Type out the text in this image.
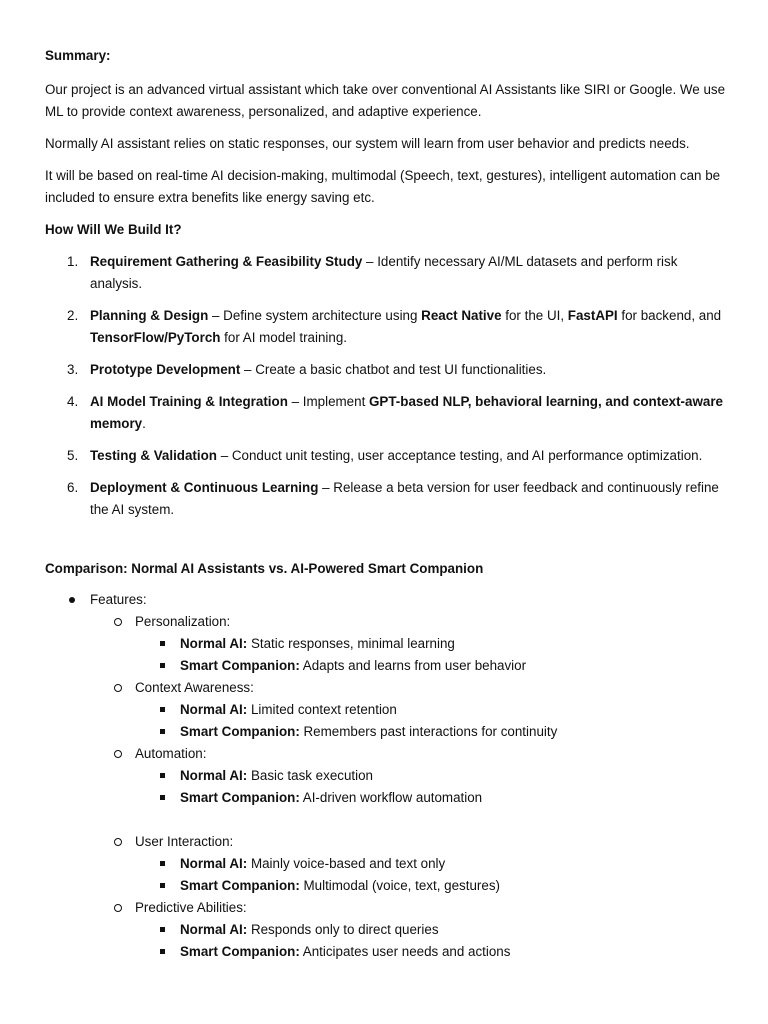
Summary:

Our project is an advanced virtual assistant which take over conventional AI Assistants like SIRI or Google. We use ML to provide context awareness, personalized, and adaptive experience.

Normally AI assistant relies on static responses, our system will learn from user behavior and predicts needs.

It will be based on real-time AI decision-making, multimodal (Speech, text, gestures), intelligent automation can be included to ensure extra benefits like energy saving etc.

How Will We Build It?
1. Requirement Gathering & Feasibility Study – Identify necessary AI/ML datasets and perform risk analysis.
2. Planning & Design – Define system architecture using React Native for the UI, FastAPI for backend, and TensorFlow/PyTorch for AI model training.
3. Prototype Development – Create a basic chatbot and test UI functionalities.
4. AI Model Training & Integration – Implement GPT-based NLP, behavioral learning, and context-aware memory.
5. Testing & Validation – Conduct unit testing, user acceptance testing, and AI performance optimization.
6. Deployment & Continuous Learning – Release a beta version for user feedback and continuously refine the AI system.
Comparison: Normal AI Assistants vs. AI-Powered Smart Companion
Features:
Personalization:
Normal AI: Static responses, minimal learning
Smart Companion: Adapts and learns from user behavior
Context Awareness:
Normal AI: Limited context retention
Smart Companion: Remembers past interactions for continuity
Automation:
Normal AI: Basic task execution
Smart Companion: AI-driven workflow automation
User Interaction:
Normal AI: Mainly voice-based and text only
Smart Companion: Multimodal (voice, text, gestures)
Predictive Abilities:
Normal AI: Responds only to direct queries
Smart Companion: Anticipates user needs and actions
